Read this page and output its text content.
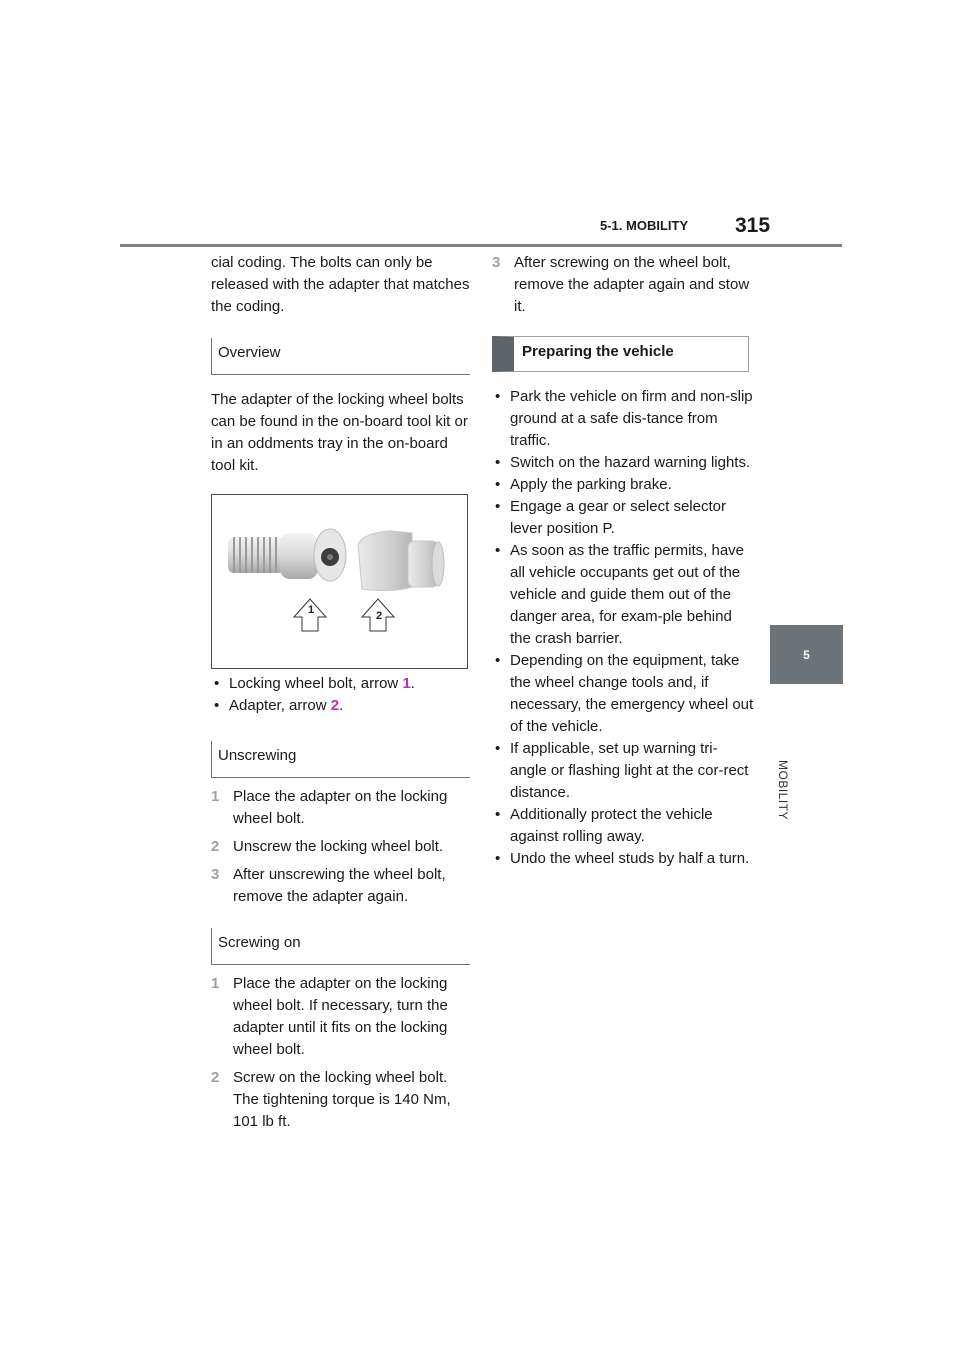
5-1. MOBILITY 315
5
MOBILITY

cial coding. The bolts can only be released with the adapter that matches the coding.

Overview

The adapter of the locking wheel bolts can be found in the on-board tool kit or in an oddments tray in the on-board tool kit.

1	2
• Locking wheel bolt, arrow 1.
• Adapter, arrow 2.
Unscrewing
1 Place the adapter on the locking wheel bolt.
2 Unscrew the locking wheel bolt.
3 After unscrewing the wheel bolt, remove the adapter again.
Screwing on
1 Place the adapter on the locking wheel bolt. If necessary, turn the adapter until it fits on the locking wheel bolt.
2 Screw on the locking wheel bolt. The tightening torque is 140 Nm, 101 lb ft.
3 After screwing on the wheel bolt, remove the adapter again and stow it.
Preparing the vehicle
• Park the vehicle on firm and non-slip ground at a safe dis-tance from traffic.
• Switch on the hazard warning lights.
• Apply the parking brake.
• Engage a gear or select selector lever position P.
• As soon as the traffic permits, have all vehicle occupants get out of the vehicle and guide them out of the danger area, for exam-ple behind the crash barrier.
• Depending on the equipment, take the wheel change tools and, if necessary, the emergency wheel out of the vehicle.
• If applicable, set up warning tri-angle or flashing light at the cor-rect distance.
• Additionally protect the vehicle against rolling away.
• Undo the wheel studs by half a turn.
